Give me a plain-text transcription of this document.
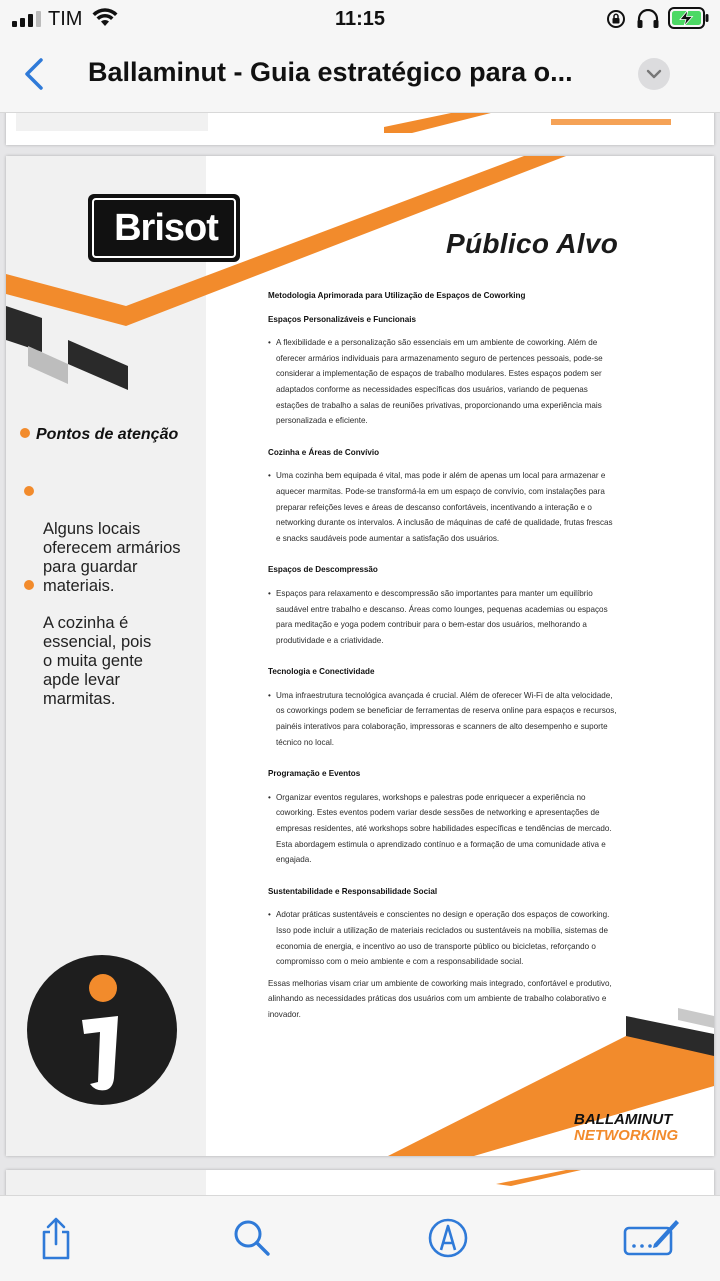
TIM	11:15
Ballaminut - Guia estratégico para o...
Brisot	Público Alvo
Pontos de atenção

Alguns locais
oferecem armários
para guardar
materiais.

A cozinha é
essencial, pois
o muita gente
apde levar
marmitas.

Metodologia Aprimorada para Utilização de Espaços de Coworking
Espaços Personalizáveis e Funcionais
• A flexibilidade e a personalização são essenciais em um ambiente de coworking. Além de oferecer armários individuais para armazenamento seguro de pertences pessoais, pode-se considerar a implementação de espaços de trabalho modulares. Estes espaços podem ser adaptados conforme as necessidades específicas dos usuários, variando de pequenas estações de trabalho a salas de reuniões privativas, proporcionando uma experiência mais personalizada e eficiente.
Cozinha e Áreas de Convívio
• Uma cozinha bem equipada é vital, mas pode ir além de apenas um local para armazenar e aquecer marmitas. Pode-se transformá-la em um espaço de convívio, com instalações para preparar refeições leves e áreas de descanso confortáveis, incentivando a interação e o networking durante os intervalos. A inclusão de máquinas de café de qualidade, frutas frescas e snacks saudáveis pode aumentar a satisfação dos usuários.
Espaços de Descompressão
• Espaços para relaxamento e descompressão são importantes para manter um equilíbrio saudável entre trabalho e descanso. Áreas como lounges, pequenas academias ou espaços para meditação e yoga podem contribuir para o bem-estar dos usuários, melhorando a produtividade e a criatividade.
Tecnologia e Conectividade
• Uma infraestrutura tecnológica avançada é crucial. Além de oferecer Wi-Fi de alta velocidade, os coworkings podem se beneficiar de ferramentas de reserva online para espaços e recursos, painéis interativos para colaboração, impressoras e scanners de alto desempenho e suporte técnico no local.
Programação e Eventos
• Organizar eventos regulares, workshops e palestras pode enriquecer a experiência no coworking. Estes eventos podem variar desde sessões de networking e apresentações de empresas residentes, até workshops sobre habilidades específicas e tendências de mercado. Esta abordagem estimula o aprendizado contínuo e a formação de uma comunidade ativa e engajada.
Sustentabilidade e Responsabilidade Social
• Adotar práticas sustentáveis e conscientes no design e operação dos espaços de coworking. Isso pode incluir a utilização de materiais reciclados ou sustentáveis na mobília, sistemas de economia de energia, e incentivo ao uso de transporte público ou bicicletas, reforçando o compromisso com o meio ambiente e com a responsabilidade social.
Essas melhorias visam criar um ambiente de coworking mais integrado, confortável e produtivo, alinhando as necessidades práticas dos usuários com um ambiente de trabalho colaborativo e inovador.
BALLAMINUT
NETWORKING
